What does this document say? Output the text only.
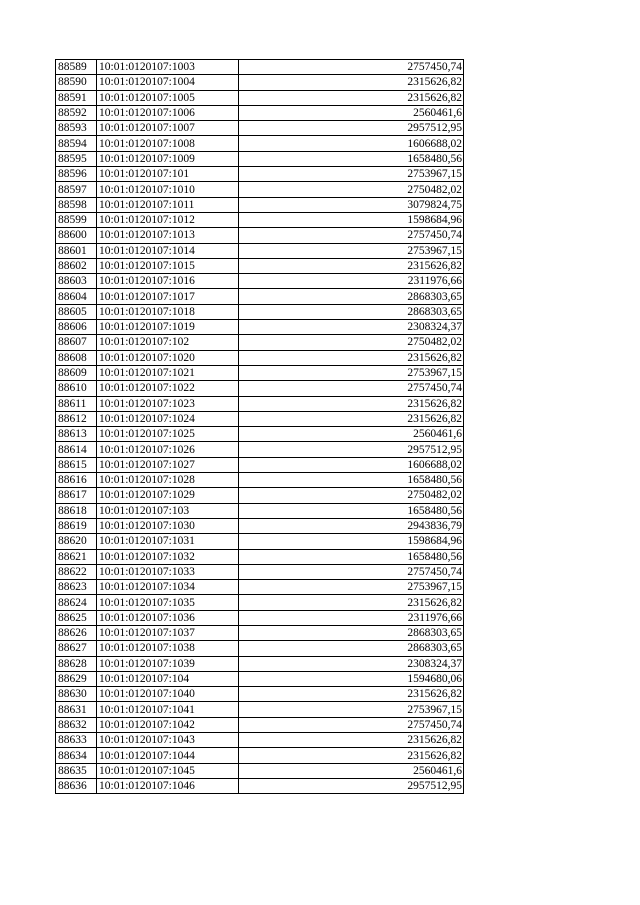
88589	10:01:0120107:1003	2757450,74
88590	10:01:0120107:1004	2315626,82
88591	10:01:0120107:1005	2315626,82
88592	10:01:0120107:1006	2560461,6
88593	10:01:0120107:1007	2957512,95
88594	10:01:0120107:1008	1606688,02
88595	10:01:0120107:1009	1658480,56
88596	10:01:0120107:101	2753967,15
88597	10:01:0120107:1010	2750482,02
88598	10:01:0120107:1011	3079824,75
88599	10:01:0120107:1012	1598684,96
88600	10:01:0120107:1013	2757450,74
88601	10:01:0120107:1014	2753967,15
88602	10:01:0120107:1015	2315626,82
88603	10:01:0120107:1016	2311976,66
88604	10:01:0120107:1017	2868303,65
88605	10:01:0120107:1018	2868303,65
88606	10:01:0120107:1019	2308324,37
88607	10:01:0120107:102	2750482,02
88608	10:01:0120107:1020	2315626,82
88609	10:01:0120107:1021	2753967,15
88610	10:01:0120107:1022	2757450,74
88611	10:01:0120107:1023	2315626,82
88612	10:01:0120107:1024	2315626,82
88613	10:01:0120107:1025	2560461,6
88614	10:01:0120107:1026	2957512,95
88615	10:01:0120107:1027	1606688,02
88616	10:01:0120107:1028	1658480,56
88617	10:01:0120107:1029	2750482,02
88618	10:01:0120107:103	1658480,56
88619	10:01:0120107:1030	2943836,79
88620	10:01:0120107:1031	1598684,96
88621	10:01:0120107:1032	1658480,56
88622	10:01:0120107:1033	2757450,74
88623	10:01:0120107:1034	2753967,15
88624	10:01:0120107:1035	2315626,82
88625	10:01:0120107:1036	2311976,66
88626	10:01:0120107:1037	2868303,65
88627	10:01:0120107:1038	2868303,65
88628	10:01:0120107:1039	2308324,37
88629	10:01:0120107:104	1594680,06
88630	10:01:0120107:1040	2315626,82
88631	10:01:0120107:1041	2753967,15
88632	10:01:0120107:1042	2757450,74
88633	10:01:0120107:1043	2315626,82
88634	10:01:0120107:1044	2315626,82
88635	10:01:0120107:1045	2560461,6
88636	10:01:0120107:1046	2957512,95
